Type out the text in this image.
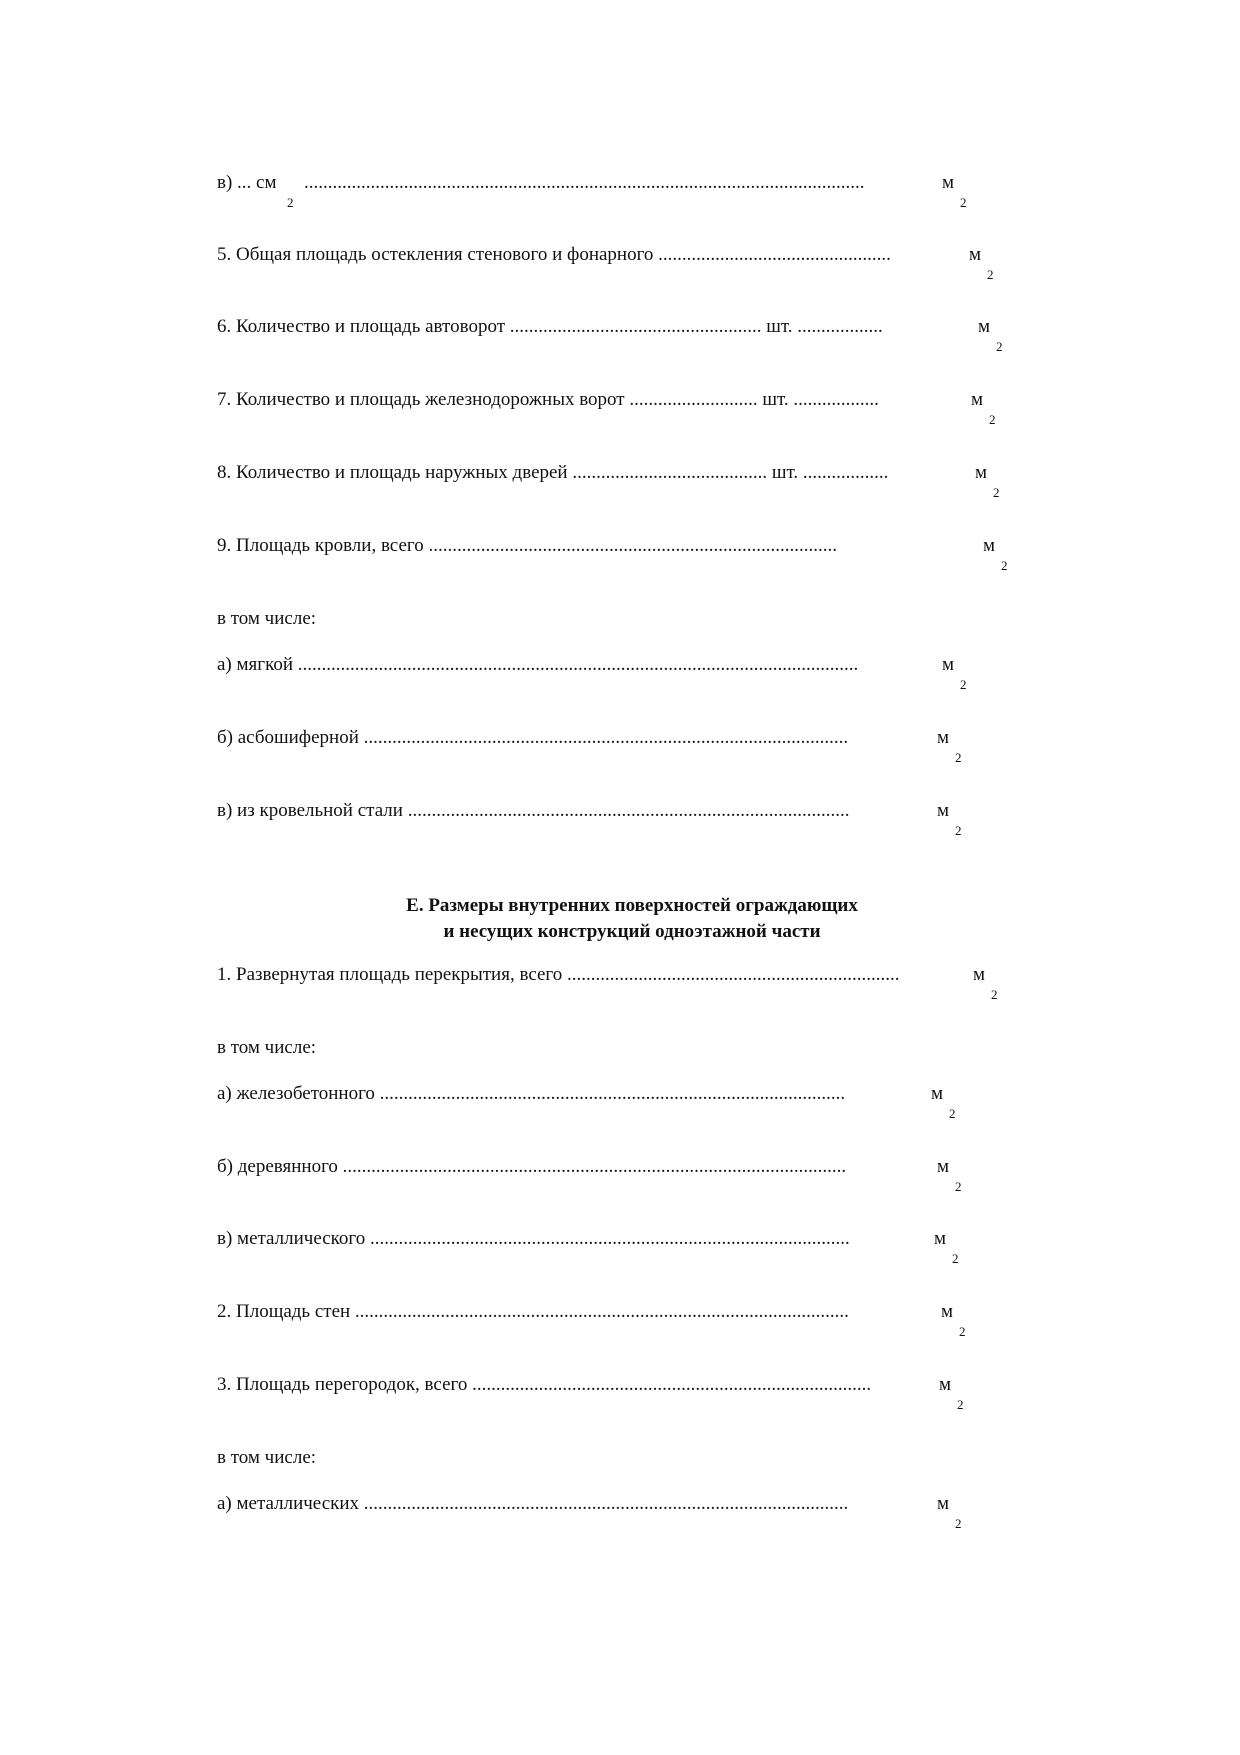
в) ... см
2
......................................................................................................................	м
2
5. Общая площадь остекления стенового и фонарного .................................................	м
2
6. Количество и площадь автоворот ..................................................... шт. ..................	м
2
7. Количество и площадь железнодорожных ворот ........................... шт. ..................	м
2
8. Количество и площадь наружных дверей ......................................... шт. ..................	м
2
9. Площадь кровли, всего ......................................................................................	м
2
в том числе:
а) мягкой ......................................................................................................................	м
2
б) асбошиферной ......................................................................................................	м
2
в) из кровельной стали .............................................................................................	м
2
Е. Размеры внутренних поверхностей ограждающих
и несущих конструкций одноэтажной части
1. Развернутая площадь перекрытия, всего ......................................................................	м
2
в том числе:
а) железобетонного ..................................................................................................	м
2
б) деревянного ..........................................................................................................	м
2
в) металлического .....................................................................................................	м
2
2. Площадь стен ........................................................................................................	м
2
3. Площадь перегородок, всего ....................................................................................	м
2
в том числе:
а) металлических ......................................................................................................	м
2
